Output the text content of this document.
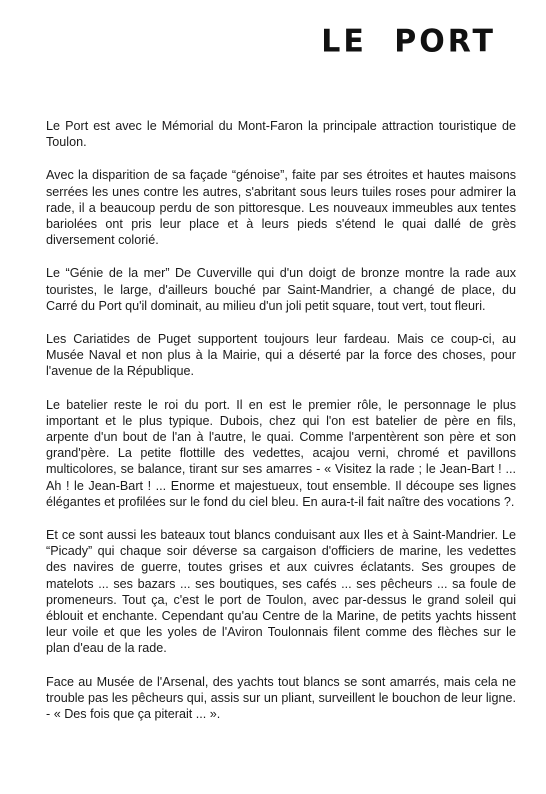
LE PORT

Le Port est avec le Mémorial du Mont-Faron la principale attraction touristique de Toulon.

Avec la disparition de sa façade “génoise”, faite par ses étroites et hautes maisons serrées les unes contre les autres, s'abritant sous leurs tuiles roses pour admirer la rade, il a beaucoup perdu de son pittoresque. Les nouveaux immeubles aux tentes bariolées ont pris leur place et à leurs pieds s'étend le quai dallé de grès diversement colorié.

Le “Génie de la mer” De Cuverville qui d'un doigt de bronze montre la rade aux touristes, le large, d'ailleurs bouché par Saint-Mandrier, a changé de place, du Carré du Port qu'il dominait, au milieu d'un joli petit square, tout vert, tout fleuri.

Les Cariatides de Puget supportent toujours leur fardeau. Mais ce coup-ci, au Musée Naval et non plus à la Mairie, qui a déserté par la force des choses, pour l'avenue de la République.

Le batelier reste le roi du port. Il en est le premier rôle, le personnage le plus important et le plus typique. Dubois, chez qui l'on est batelier de père en fils, arpente d'un bout de l'an à l'autre, le quai. Comme l'arpentèrent son père et son grand'père. La petite flottille des vedettes, acajou verni, chromé et pavillons multicolores, se balance, tirant sur ses amarres - « Visitez la rade ; le Jean-Bart ! ... Ah ! le Jean-Bart ! ... Enorme et majestueux, tout ensemble. Il découpe ses lignes élégantes et profilées sur le fond du ciel bleu. En aura-t-il fait naître des vocations ?.

Et ce sont aussi les bateaux tout blancs conduisant aux Iles et à Saint-Mandrier. Le “Picady” qui chaque soir déverse sa cargaison d'officiers de marine, les vedettes des navires de guerre, toutes grises et aux cuivres éclatants. Ses groupes de matelots ... ses bazars ... ses boutiques, ses cafés ... ses pêcheurs ... sa foule de promeneurs. Tout ça, c'est le port de Toulon, avec par-dessus le grand soleil qui éblouit et enchante. Cependant qu'au Centre de la Marine, de petits yachts hissent leur voile et que les yoles de l'Aviron Toulonnais filent comme des flèches sur le plan d'eau de la rade.

Face au Musée de l'Arsenal, des yachts tout blancs se sont amarrés, mais cela ne trouble pas les pêcheurs qui, assis sur un pliant, surveillent le bouchon de leur ligne. - « Des fois que ça piterait ... ».
